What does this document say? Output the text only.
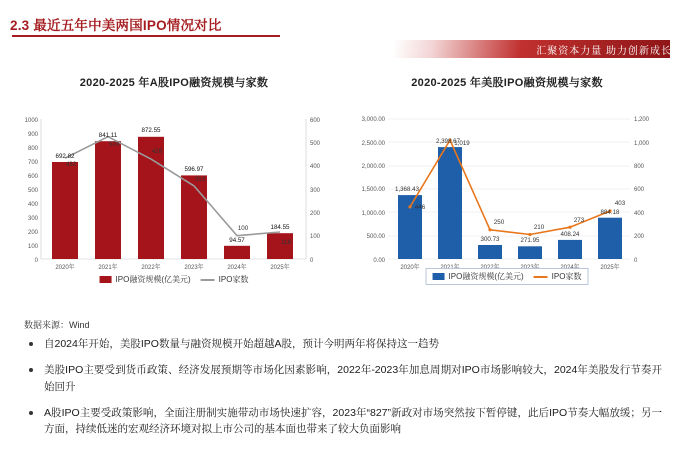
2.3 最近五年中美两国IPO情况对比
汇聚资本力量 助力创新成长
2020-2025 年A股IPO融资规模与家数
1000
900
800
700
600
500
400
300
200
100
0
600
500
400
300
200
100
0
692.82
841.11
872.55
596.97
94.57
184.55
432
524
428
313
100
116
2020年	2021年	2022年	2023年	2024年	2025年
IPO融资规模(亿美元)	IPO家数
2020-2025 年美股IPO融资规模与家数
3,000.00
2,500.00
2,000.00
1,500.00
1,000.00
500.00
0.00
1,200
1,000
800
600
400
200
0
1,368.43
2,398.67
300.73	271.95
408.24
884.18
446
1,019
250
210
273
403
2020年	2025年
IPO融资规模(亿美元)	IPO家数
数据来源：Wind
自2024年开始，美股IPO数量与融资规模开始超越A股，预计今明两年将保持这一趋势
美股IPO主要受到货币政策、经济发展预期等市场化因素影响，2022年-2023年加息周期对IPO市场影响较大，2024年美股发行节奏开始回升
A股IPO主要受政策影响，全面注册制实施带动市场快速扩容，2023年“827”新政对市场突然按下暂停键，此后IPO节奏大幅放缓；另一方面，持续低迷的宏观经济环境对拟上市公司的基本面也带来了较大负面影响
